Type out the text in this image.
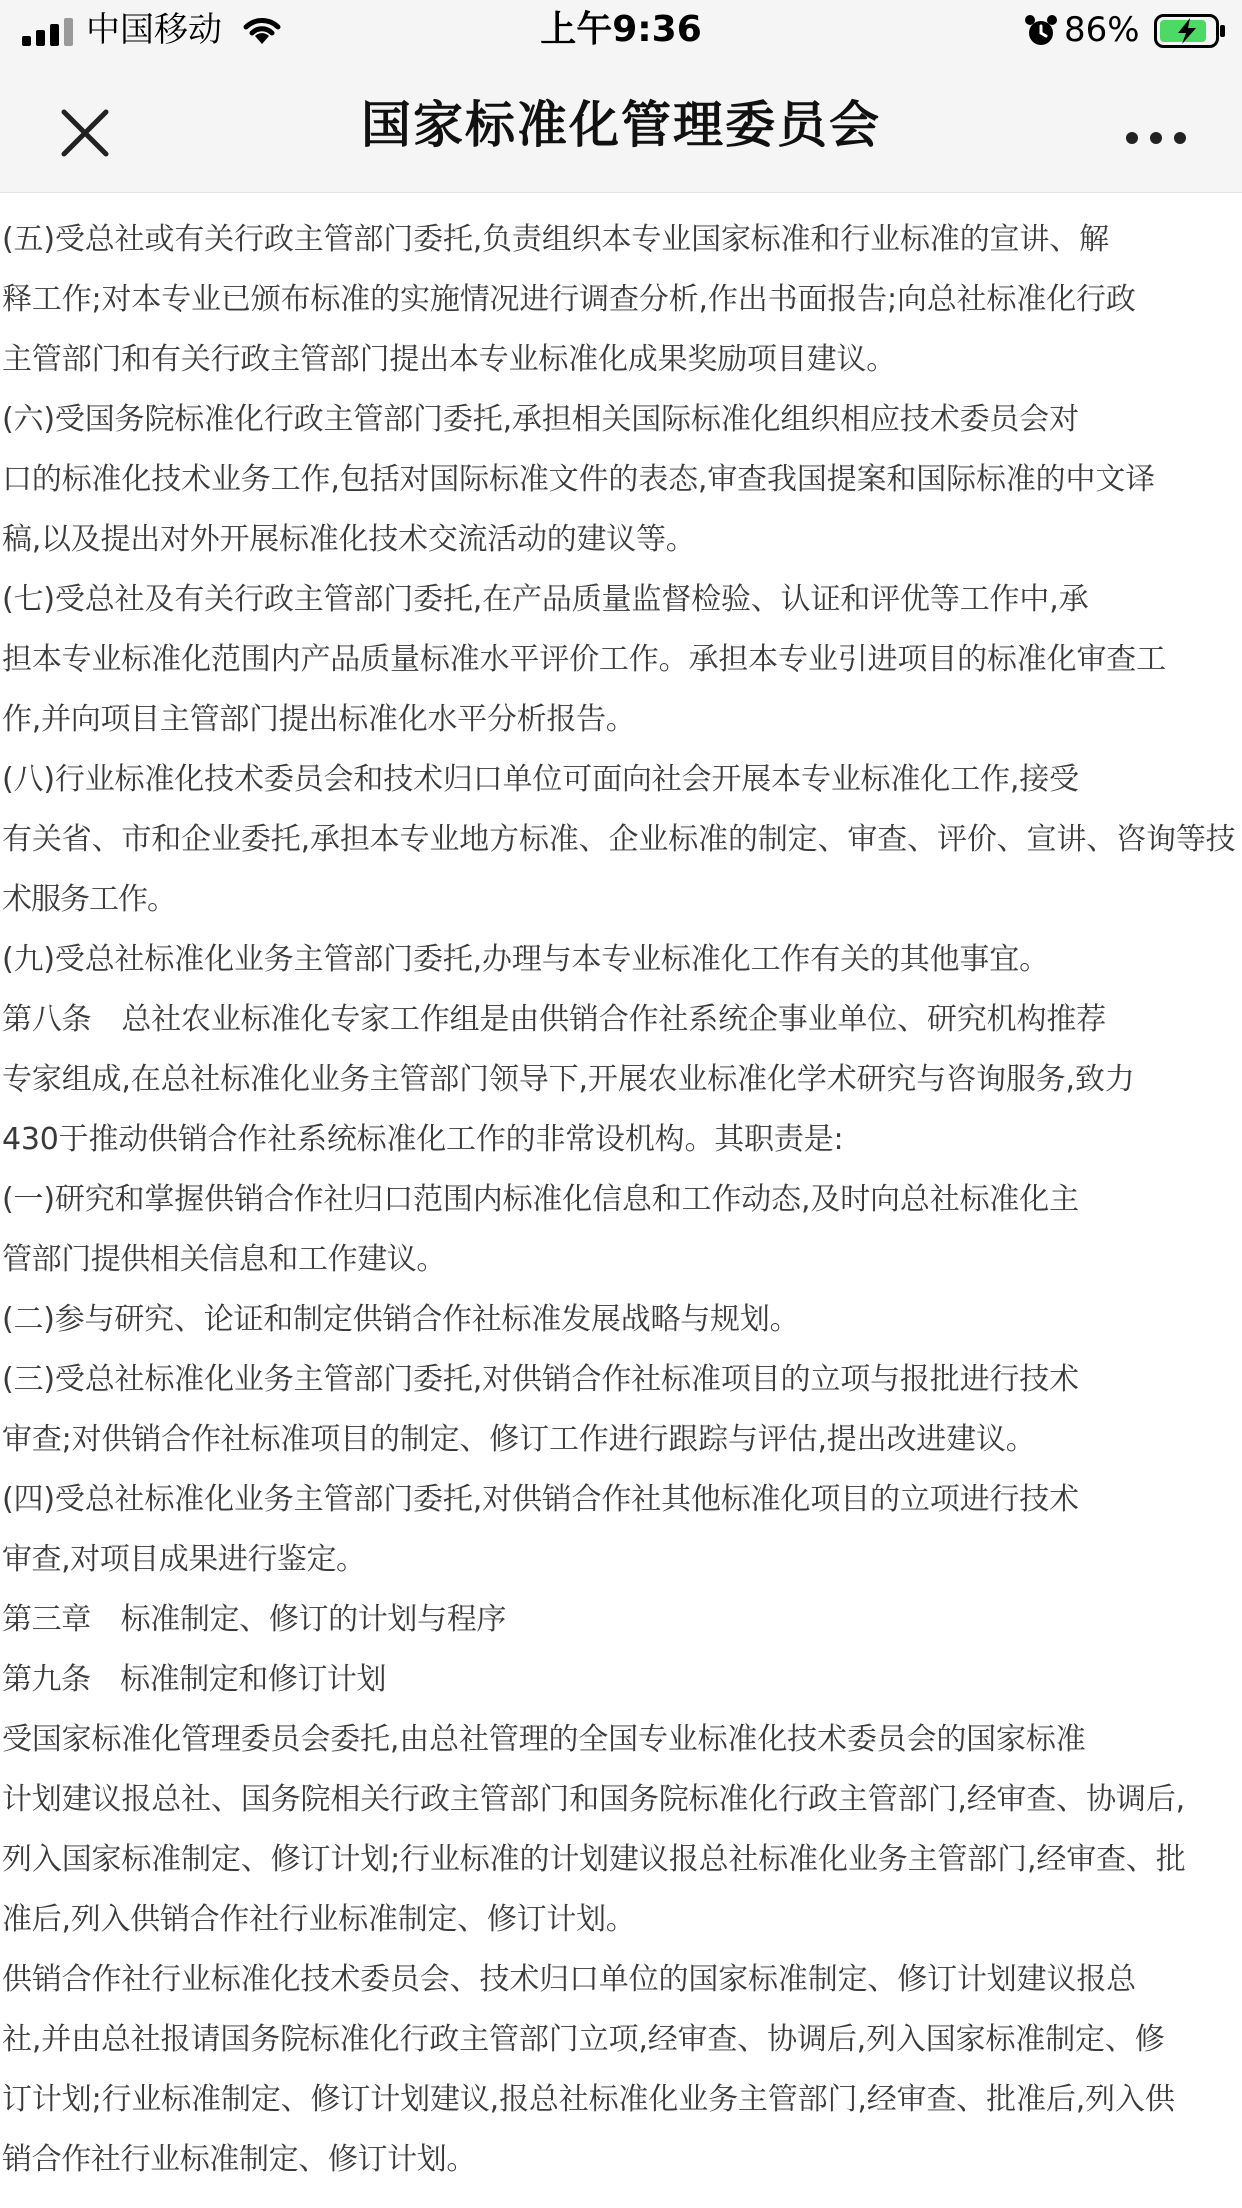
中国移动	上午9:36	86%
国家标准化管理委员会

(五)受总社或有关行政主管部门委托,负责组织本专业国家标准和行业标准的宣讲、解

释工作;对本专业已颁布标准的实施情况进行调查分析,作出书面报告;向总社标准化行政

主管部门和有关行政主管部门提出本专业标准化成果奖励项目建议。

(六)受国务院标准化行政主管部门委托,承担相关国际标准化组织相应技术委员会对

口的标准化技术业务工作,包括对国际标准文件的表态,审查我国提案和国际标准的中文译

稿,以及提出对外开展标准化技术交流活动的建议等。

(七)受总社及有关行政主管部门委托,在产品质量监督检验、认证和评优等工作中,承

担本专业标准化范围内产品质量标准水平评价工作。承担本专业引进项目的标准化审查工

作,并向项目主管部门提出标准化水平分析报告。

(八)行业标准化技术委员会和技术归口单位可面向社会开展本专业标准化工作,接受

有关省、市和企业委托,承担本专业地方标准、企业标准的制定、审查、评价、宣讲、咨询等技

术服务工作。

(九)受总社标准化业务主管部门委托,办理与本专业标准化工作有关的其他事宜。

第八条　总社农业标准化专家工作组是由供销合作社系统企事业单位、研究机构推荐

专家组成,在总社标准化业务主管部门领导下,开展农业标准化学术研究与咨询服务,致力

430于推动供销合作社系统标准化工作的非常设机构。其职责是:

(一)研究和掌握供销合作社归口范围内标准化信息和工作动态,及时向总社标准化主

管部门提供相关信息和工作建议。

(二)参与研究、论证和制定供销合作社标准发展战略与规划。

(三)受总社标准化业务主管部门委托,对供销合作社标准项目的立项与报批进行技术

审查;对供销合作社标准项目的制定、修订工作进行跟踪与评估,提出改进建议。

(四)受总社标准化业务主管部门委托,对供销合作社其他标准化项目的立项进行技术

审查,对项目成果进行鉴定。

第三章　标准制定、修订的计划与程序

第九条　标准制定和修订计划

受国家标准化管理委员会委托,由总社管理的全国专业标准化技术委员会的国家标准

计划建议报总社、国务院相关行政主管部门和国务院标准化行政主管部门,经审查、协调后,

列入国家标准制定、修订计划;行业标准的计划建议报总社标准化业务主管部门,经审查、批

准后,列入供销合作社行业标准制定、修订计划。

供销合作社行业标准化技术委员会、技术归口单位的国家标准制定、修订计划建议报总

社,并由总社报请国务院标准化行政主管部门立项,经审查、协调后,列入国家标准制定、修

订计划;行业标准制定、修订计划建议,报总社标准化业务主管部门,经审查、批准后,列入供

销合作社行业标准制定、修订计划。
